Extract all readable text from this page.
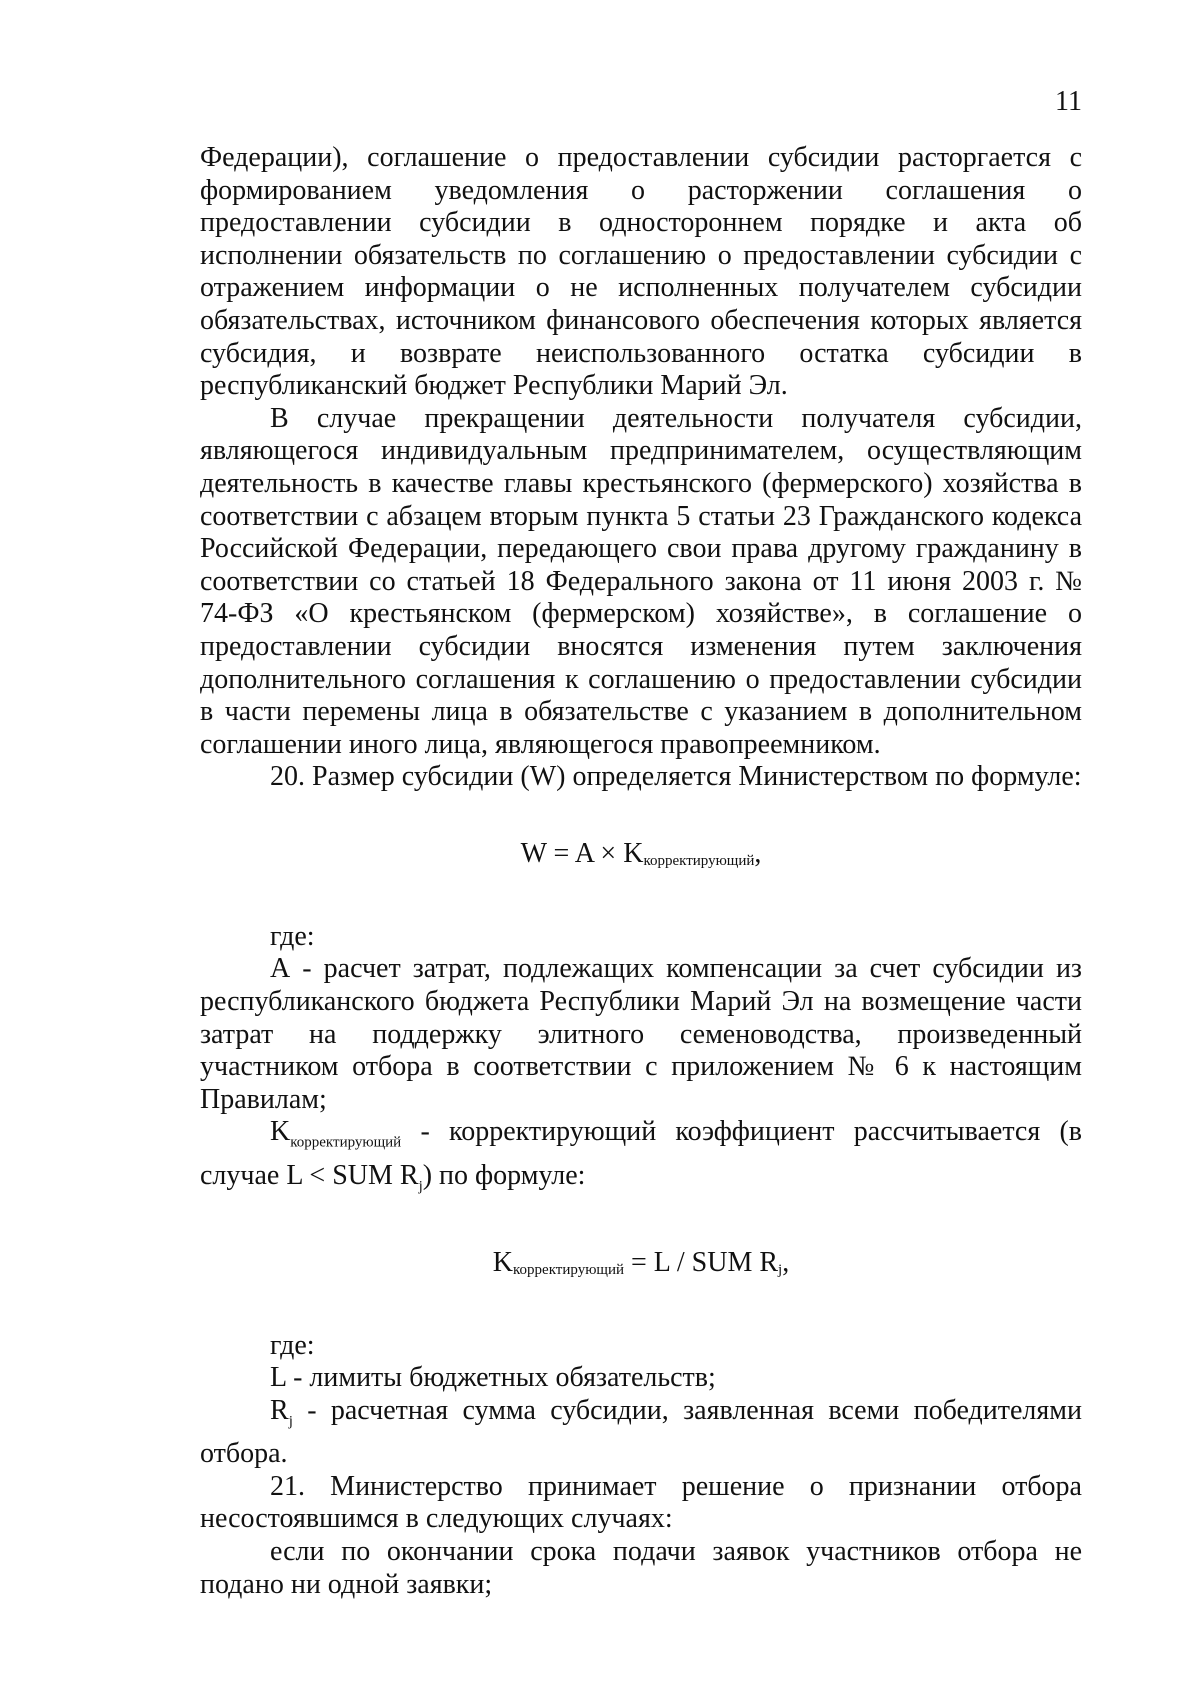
11

Федерации), соглашение о предоставлении субсидии расторгается с формированием уведомления о расторжении соглашения о предоставлении субсидии в одностороннем порядке и акта об исполнении обязательств по соглашению о предоставлении субсидии с отражением информации о не исполненных получателем субсидии обязательствах, источником финансового обеспечения которых является субсидия, и возврате неиспользованного остатка субсидии в республиканский бюджет Республики Марий Эл.

В случае прекращении деятельности получателя субсидии, являющегося индивидуальным предпринимателем, осуществляющим деятельность в качестве главы крестьянского (фермерского) хозяйства в соответствии с абзацем вторым пункта 5 статьи 23 Гражданского кодекса Российской Федерации, передающего свои права другому гражданину в соответствии со статьей 18 Федерального закона от 11 июня 2003 г. № 74-ФЗ «О крестьянском (фермерском) хозяйстве», в соглашение о предоставлении субсидии вносятся изменения путем заключения дополнительного соглашения к соглашению о предоставлении субсидии в части перемены лица в обязательстве с указанием в дополнительном соглашении иного лица, являющегося правопреемником.

20. Размер субсидии (W) определяется Министерством по формуле:

$W = A \times K_{корректирующий}$,

где:

А - расчет затрат, подлежащих компенсации за счет субсидии из республиканского бюджета Республики Марий Эл на возмещение части затрат на поддержку элитного семеноводства, произведенный участником отбора в соответствии с приложением № 6 к настоящим Правилам;

$K_{корректирующий}$ - корректирующий коэффициент рассчитывается (в случае L < SUM $R_j$) по формуле:

$K_{корректирующий} = L$ / SUM $R_j$,

где:

L - лимиты бюджетных обязательств;

$R_j$ - расчетная сумма субсидии, заявленная всеми победителями отбора.

21. Министерство принимает решение о признании отбора несостоявшимся в следующих случаях:

если по окончании срока подачи заявок участников отбора не подано ни одной заявки;
